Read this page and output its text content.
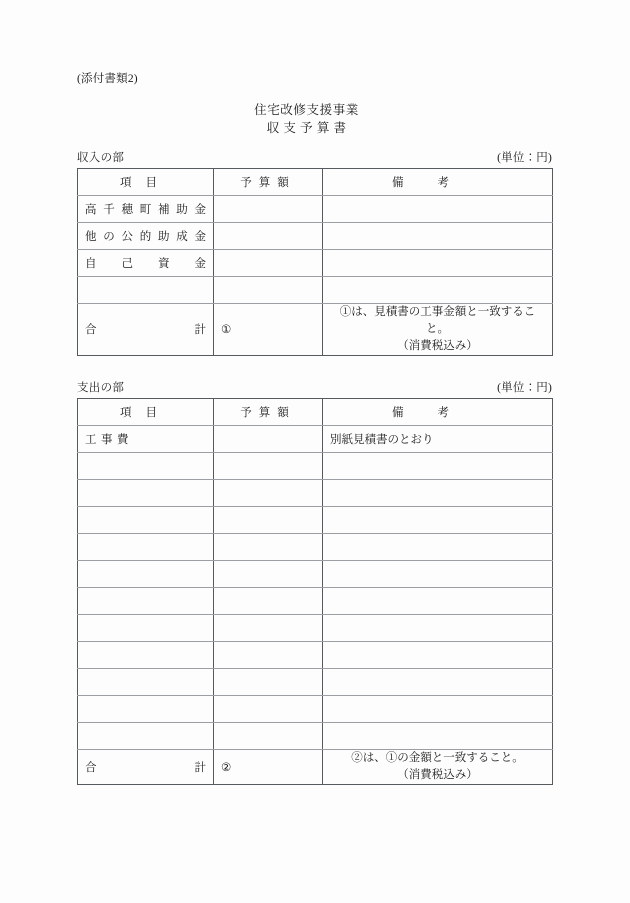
(添付書類2)
住宅改修支援事業
収支予算書
収入の部	(単位：円)
項目	予算額	備考
高千穂町補助金		
他の公的助成金		
自己資金		

合計	①	①は、見積書の工事金額と一致すること。
（消費税込み）
支出の部	(単位：円)
項目	予算額	備考
工事費		別紙見積書のとおり

合計	②	②は、①の金額と一致すること。
（消費税込み）
